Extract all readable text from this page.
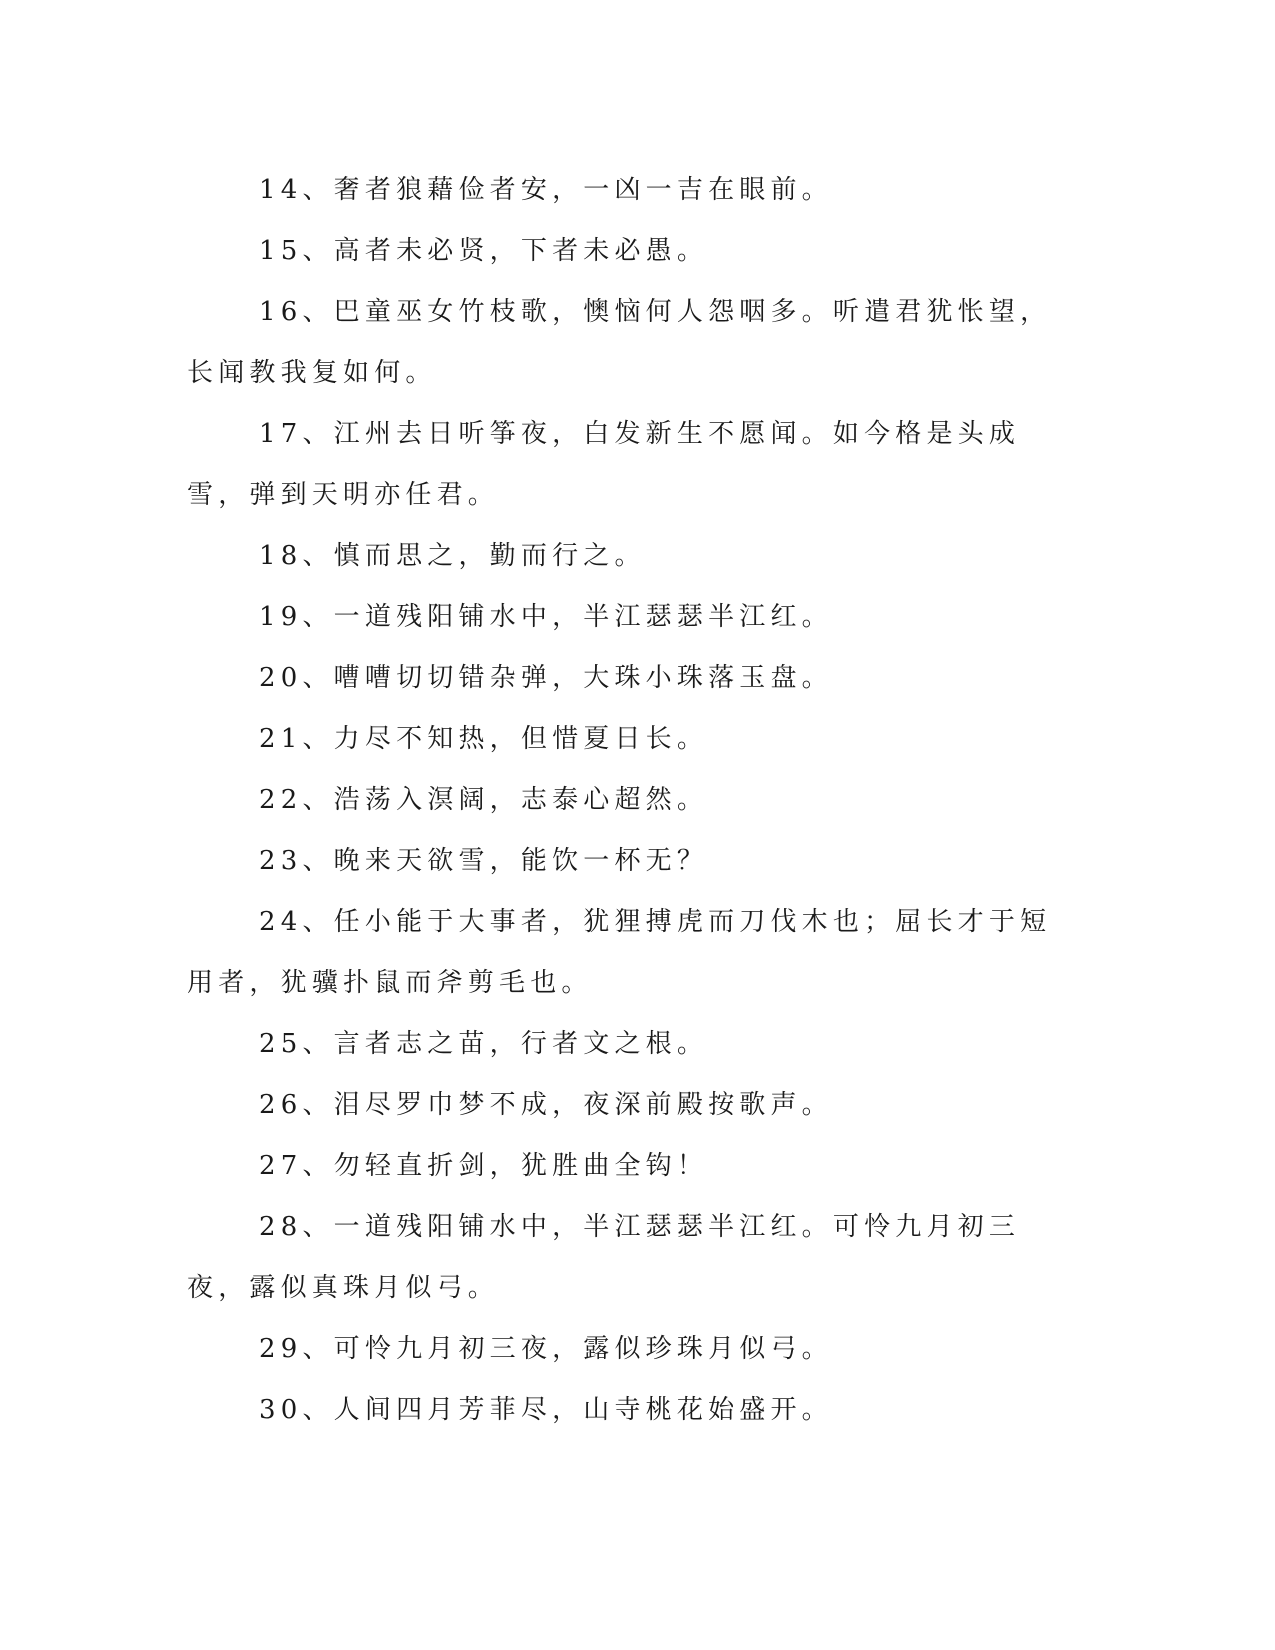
14、奢者狼藉俭者安，一凶一吉在眼前。

15、高者未必贤，下者未必愚。

16、巴童巫女竹枝歌，懊恼何人怨咽多。听遣君犹怅望，长闻教我复如何。

17、江州去日听筝夜，白发新生不愿闻。如今格是头成雪，弹到天明亦任君。

18、慎而思之，勤而行之。

19、一道残阳铺水中，半江瑟瑟半江红。

20、嘈嘈切切错杂弹，大珠小珠落玉盘。

21、力尽不知热，但惜夏日长。

22、浩荡入溟阔，志泰心超然。

23、晚来天欲雪，能饮一杯无？

24、任小能于大事者，犹狸搏虎而刀伐木也；屈长才于短用者，犹骥扑鼠而斧剪毛也。

25、言者志之苗，行者文之根。

26、泪尽罗巾梦不成，夜深前殿按歌声。

27、勿轻直折剑，犹胜曲全钩！

28、一道残阳铺水中，半江瑟瑟半江红。可怜九月初三夜，露似真珠月似弓。

29、可怜九月初三夜，露似珍珠月似弓。

30、人间四月芳菲尽，山寺桃花始盛开。
